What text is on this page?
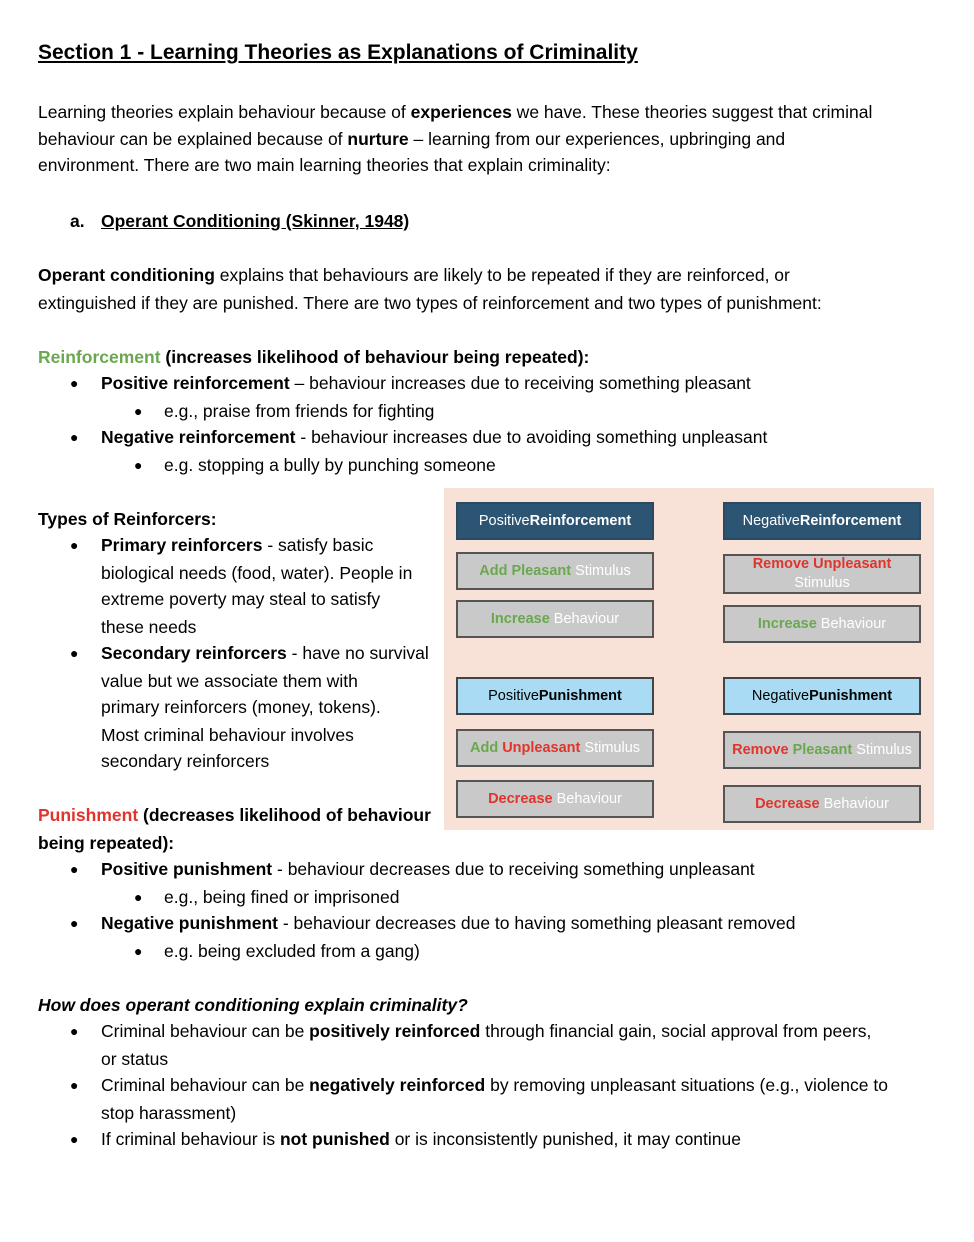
Section 1 - Learning Theories as Explanations of Criminality
Learning theories explain behaviour because of experiences we have. These theories suggest that criminal
behaviour can be explained because of nurture – learning from our experiences, upbringing and
environment. There are two main learning theories that explain criminality:
a. Operant Conditioning (Skinner, 1948)
Operant conditioning explains that behaviours are likely to be repeated if they are reinforced, or
extinguished if they are punished. There are two types of reinforcement and two types of punishment:
Reinforcement (increases likelihood of behaviour being repeated):
● Positive reinforcement – behaviour increases due to receiving something pleasant
● e.g., praise from friends for fighting
● Negative reinforcement - behaviour increases due to avoiding something unpleasant
● e.g. stopping a bully by punching someone
Types of Reinforcers:
● Primary reinforcers - satisfy basic
biological needs (food, water). People in
extreme poverty may steal to satisfy
these needs
● Secondary reinforcers - have no survival
value but we associate them with
primary reinforcers (money, tokens).
Most criminal behaviour involves
secondary reinforcers
Punishment (decreases likelihood of behaviour
being repeated):
● Positive punishment - behaviour decreases due to receiving something unpleasant
● e.g., being fined or imprisoned
● Negative punishment - behaviour decreases due to having something pleasant removed
● e.g. being excluded from a gang)
How does operant conditioning explain criminality?
● Criminal behaviour can be positively reinforced through financial gain, social approval from peers,
or status
● Criminal behaviour can be negatively reinforced by removing unpleasant situations (e.g., violence to
stop harassment)
● If criminal behaviour is not punished or is inconsistently punished, it may continue
Positive Reinforcement	Negative Reinforcement
Add Pleasant Stimulus	Remove Unpleasant
Stimulus
Increase Behaviour	Increase Behaviour
Positive Punishment	Negative Punishment
Add Unpleasant Stimulus	Remove Pleasant Stimulus
Decrease Behaviour	Decrease Behaviour
